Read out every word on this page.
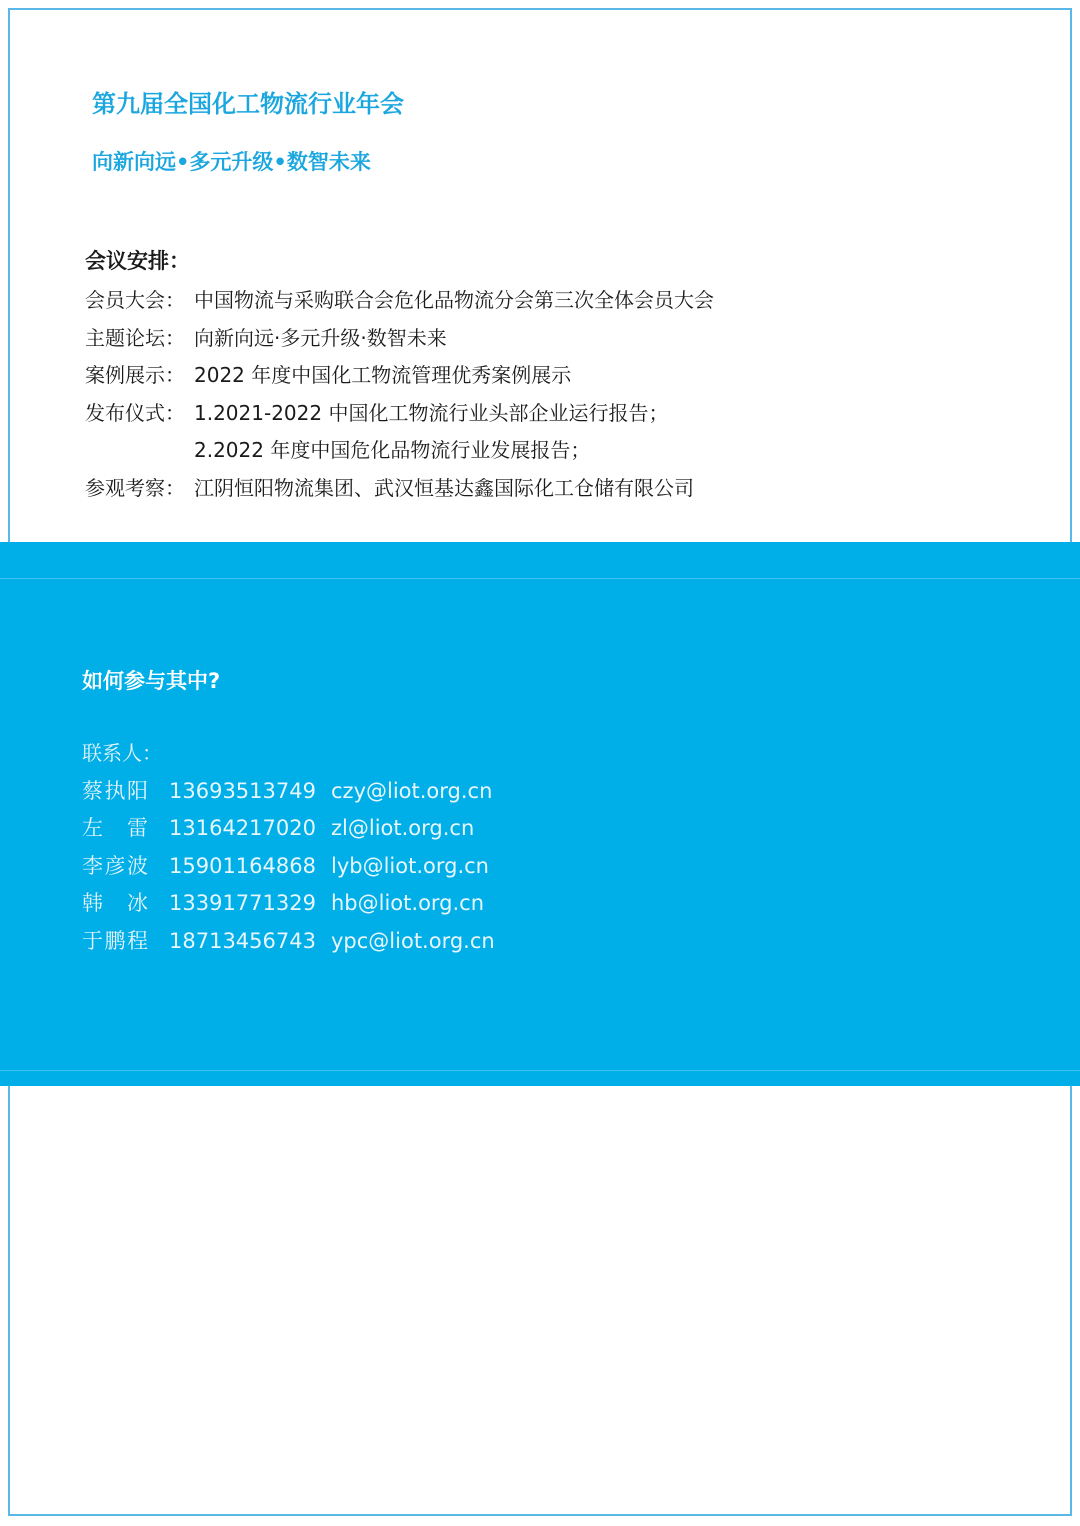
第九届全国化工物流行业年会
向新向远•多元升级•数智未来
会议安排：
会员大会： 中国物流与采购联合会危化品物流分会第三次全体会员大会
主题论坛： 向新向远·多元升级·数智未来
案例展示： 2022 年度中国化工物流管理优秀案例展示
发布仪式： 1.2021-2022 中国化工物流行业头部企业运行报告；
2.2022 年度中国危化品物流行业发展报告；
参观考察： 江阴恒阳物流集团、武汉恒基达鑫国际化工仓储有限公司
如何参与其中?
联系人：
蔡执阳 13693513749 czy@liot.org.cn
左 雷 13164217020 zl@liot.org.cn
李彦波 15901164868 lyb@liot.org.cn
韩 冰 13391771329 hb@liot.org.cn
于鹏程 18713456743 ypc@liot.org.cn
